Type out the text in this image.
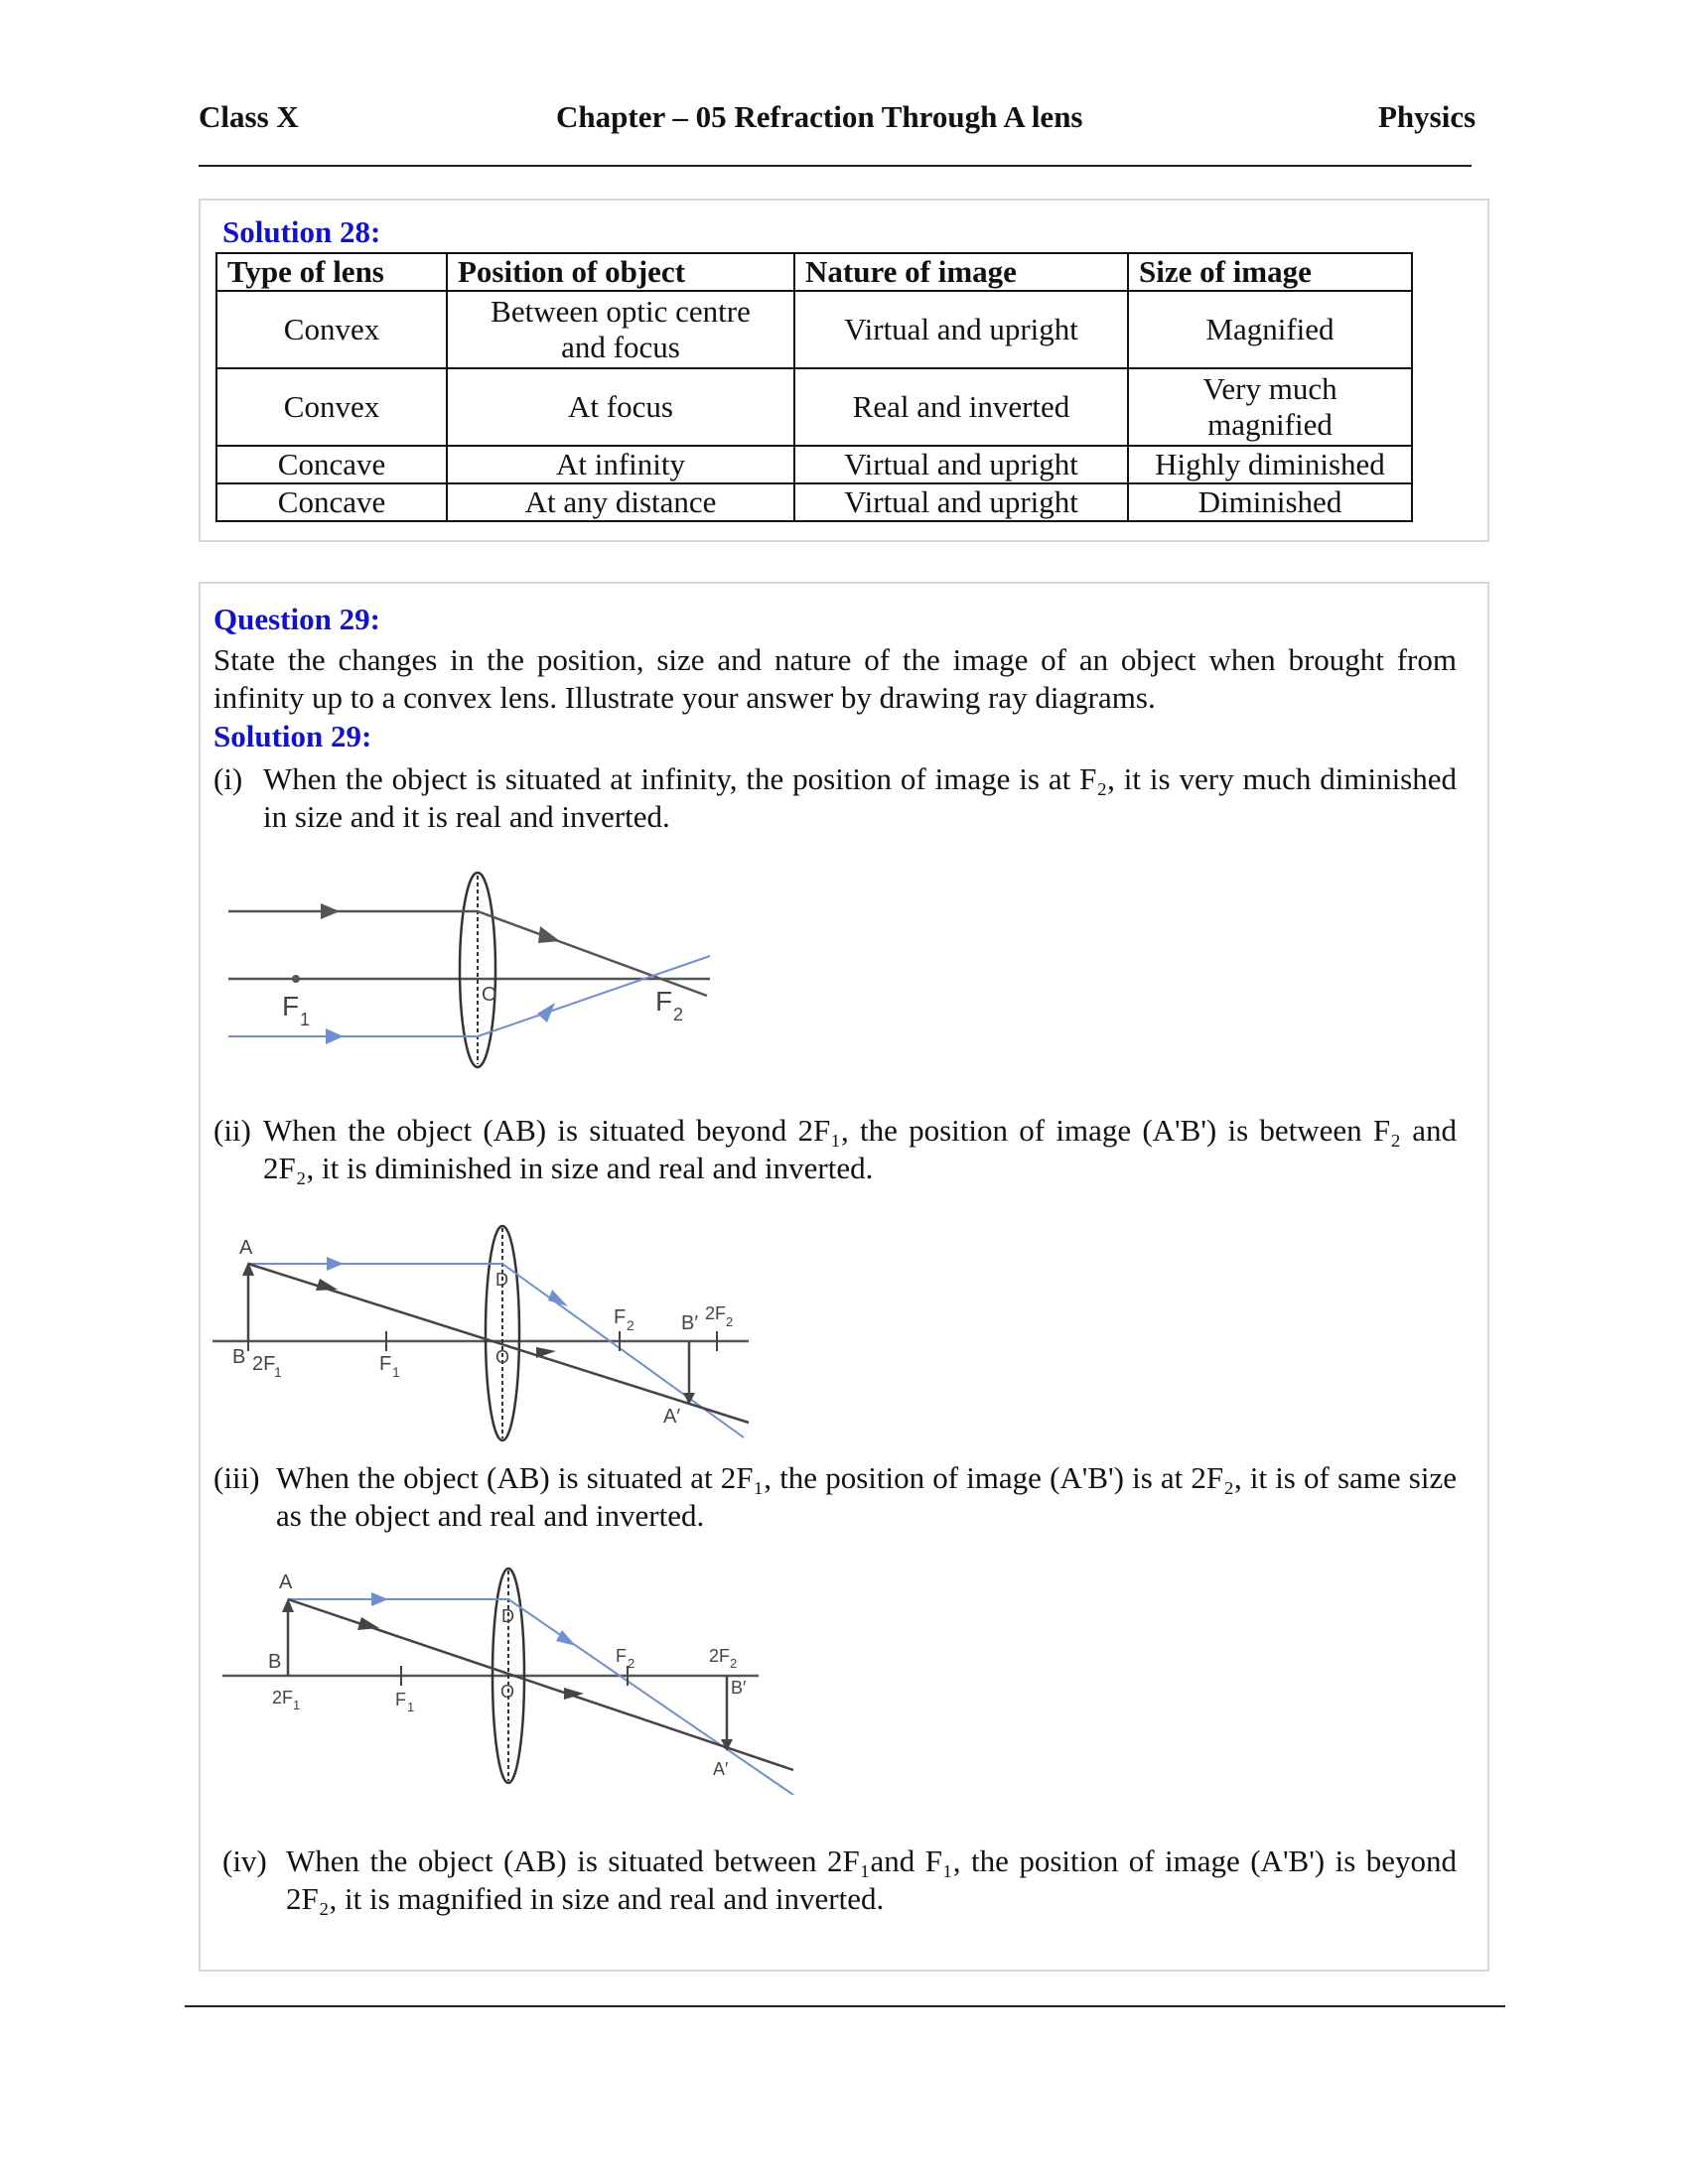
Class X	Chapter – 05 Refraction Through A lens	Physics
Solution 28:
Type of lens	Position of object	Nature of image	Size of image
Convex	Between optic centre and focus	Virtual and upright	Magnified
Convex	At focus	Real and inverted	Very much magnified
Concave	At infinity	Virtual and upright	Highly diminished
Concave	At any distance	Virtual and upright	Diminished
Question 29:
State the changes in the position, size and nature of the image of an object when brought from infinity up to a convex lens. Illustrate your answer by drawing ray diagrams.
Solution 29:
(i) When the object is situated at infinity, the position of image is at F₂, it is very much diminished in size and it is real and inverted.
F 1
O	F 2
(ii) When the object (AB) is situated beyond 2F₁, the position of image (A'B') is between F₂ and 2F₂, it is diminished in size and real and inverted.
A
B 2F
1	F 1
D
O
F 2 B′ 2F 2
A′
(iii) When the object (AB) is situated at 2F₁, the position of image (A'B') is at 2F₂, it is of same size as the object and real and inverted.
A
B
2F 1	F 1
D
O
F 2	2F 2
B′
A′
(iv) When the object (AB) is situated between 2F₁and F₁, the position of image (A'B') is beyond 2F₂, it is magnified in size and real and inverted.
